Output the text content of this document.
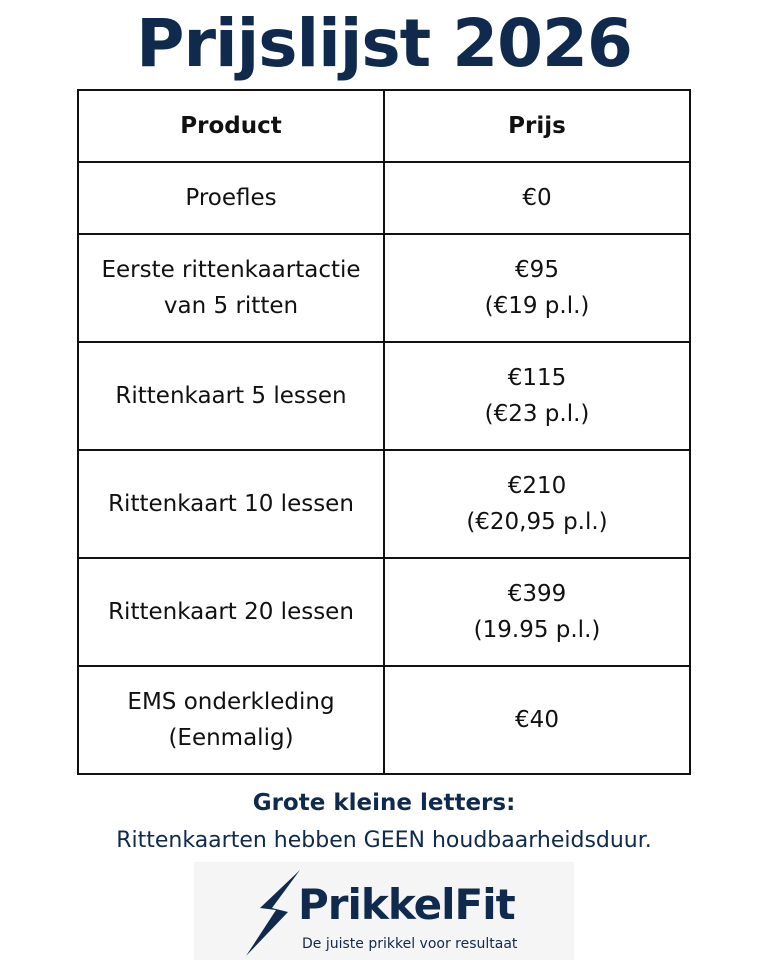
Prijslijst 2026
Product	Prijs

Proefles	€0

Eerste rittenkaartactie
van 5 ritten	€95
(€19 p.l.)

Rittenkaart 5 lessen	€115
(€23 p.l.)

Rittenkaart 10 lessen	€210
(€20,95 p.l.)

Rittenkaart 20 lessen	€399
(19.95 p.l.)

EMS onderkleding
(Eenmalig)	€40
Grote kleine letters:
Rittenkaarten hebben GEEN houdbaarheidsduur.
PrikkelFit
De juiste prikkel voor resultaat
